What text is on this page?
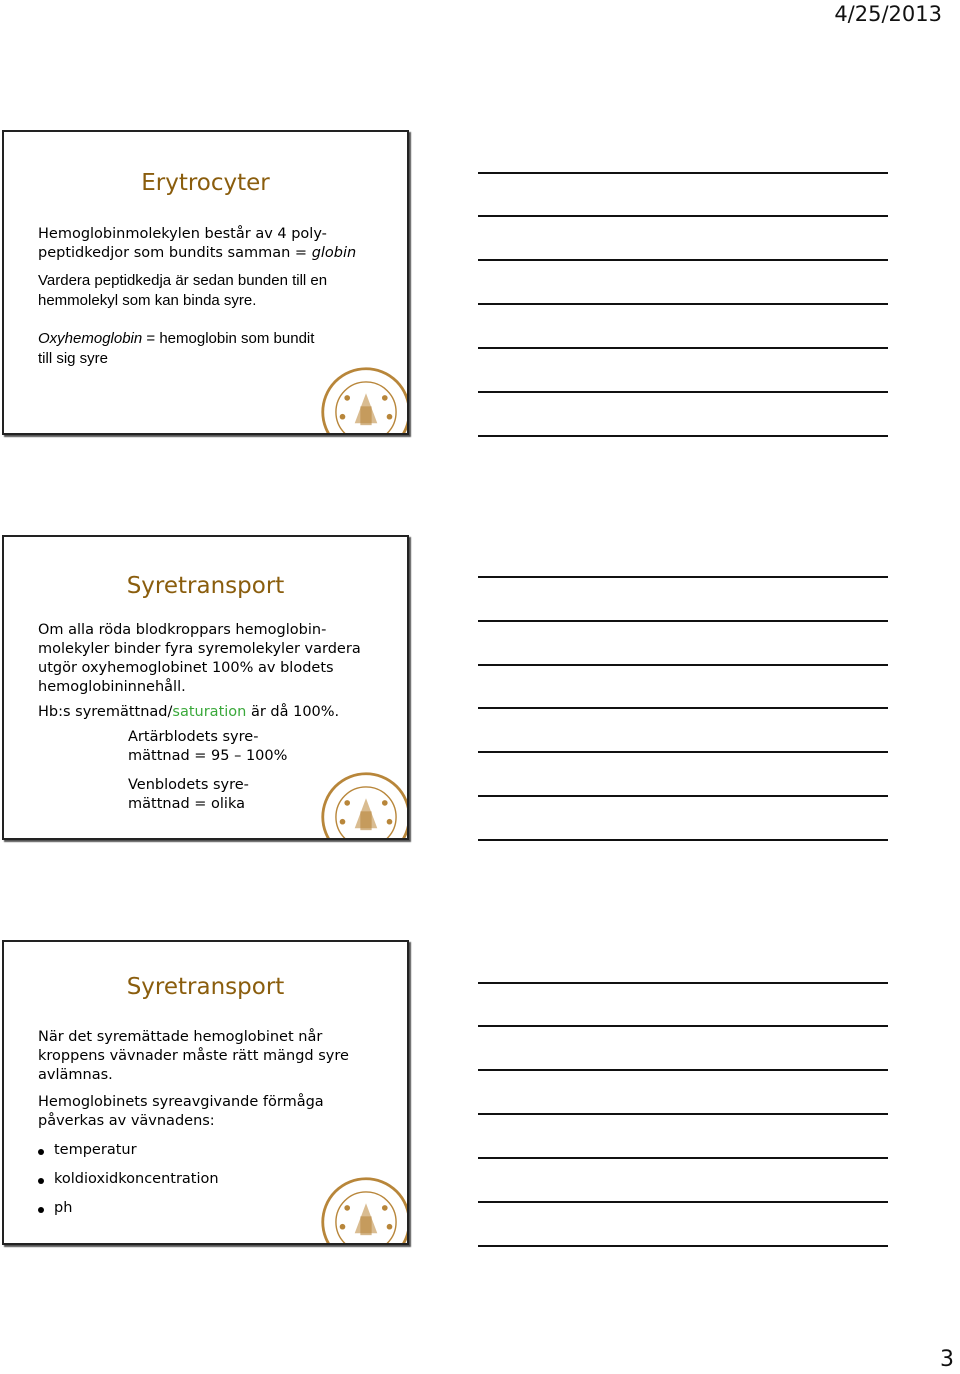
4/25/2013
Erytrocyter

Hemoglobinmolekylen består av 4 poly-
peptidkedjor som bundits samman = globin

Vardera peptidkedja är sedan bunden till en
hemmolekyl som kan binda syre.

Oxyhemoglobin = hemoglobin som bundit
till sig syre

Syretransport

Om alla röda blodkroppars hemoglobin-
molekyler binder fyra syremolekyler vardera
utgör oxyhemoglobinet 100% av blodets
hemoglobininnehåll.

Hb:s syremättnad/saturation är då 100%.

Artärblodets syre-
mättnad = 95 – 100%

Venblodets syre-
mättnad = olika

Syretransport

När det syremättade hemoglobinet når
kroppens vävnader måste rätt mängd syre
avlämnas.

Hemoglobinets syreavgivande förmåga
påverkas av vävnadens:

temperatur
koldioxidkoncentration
ph
3
